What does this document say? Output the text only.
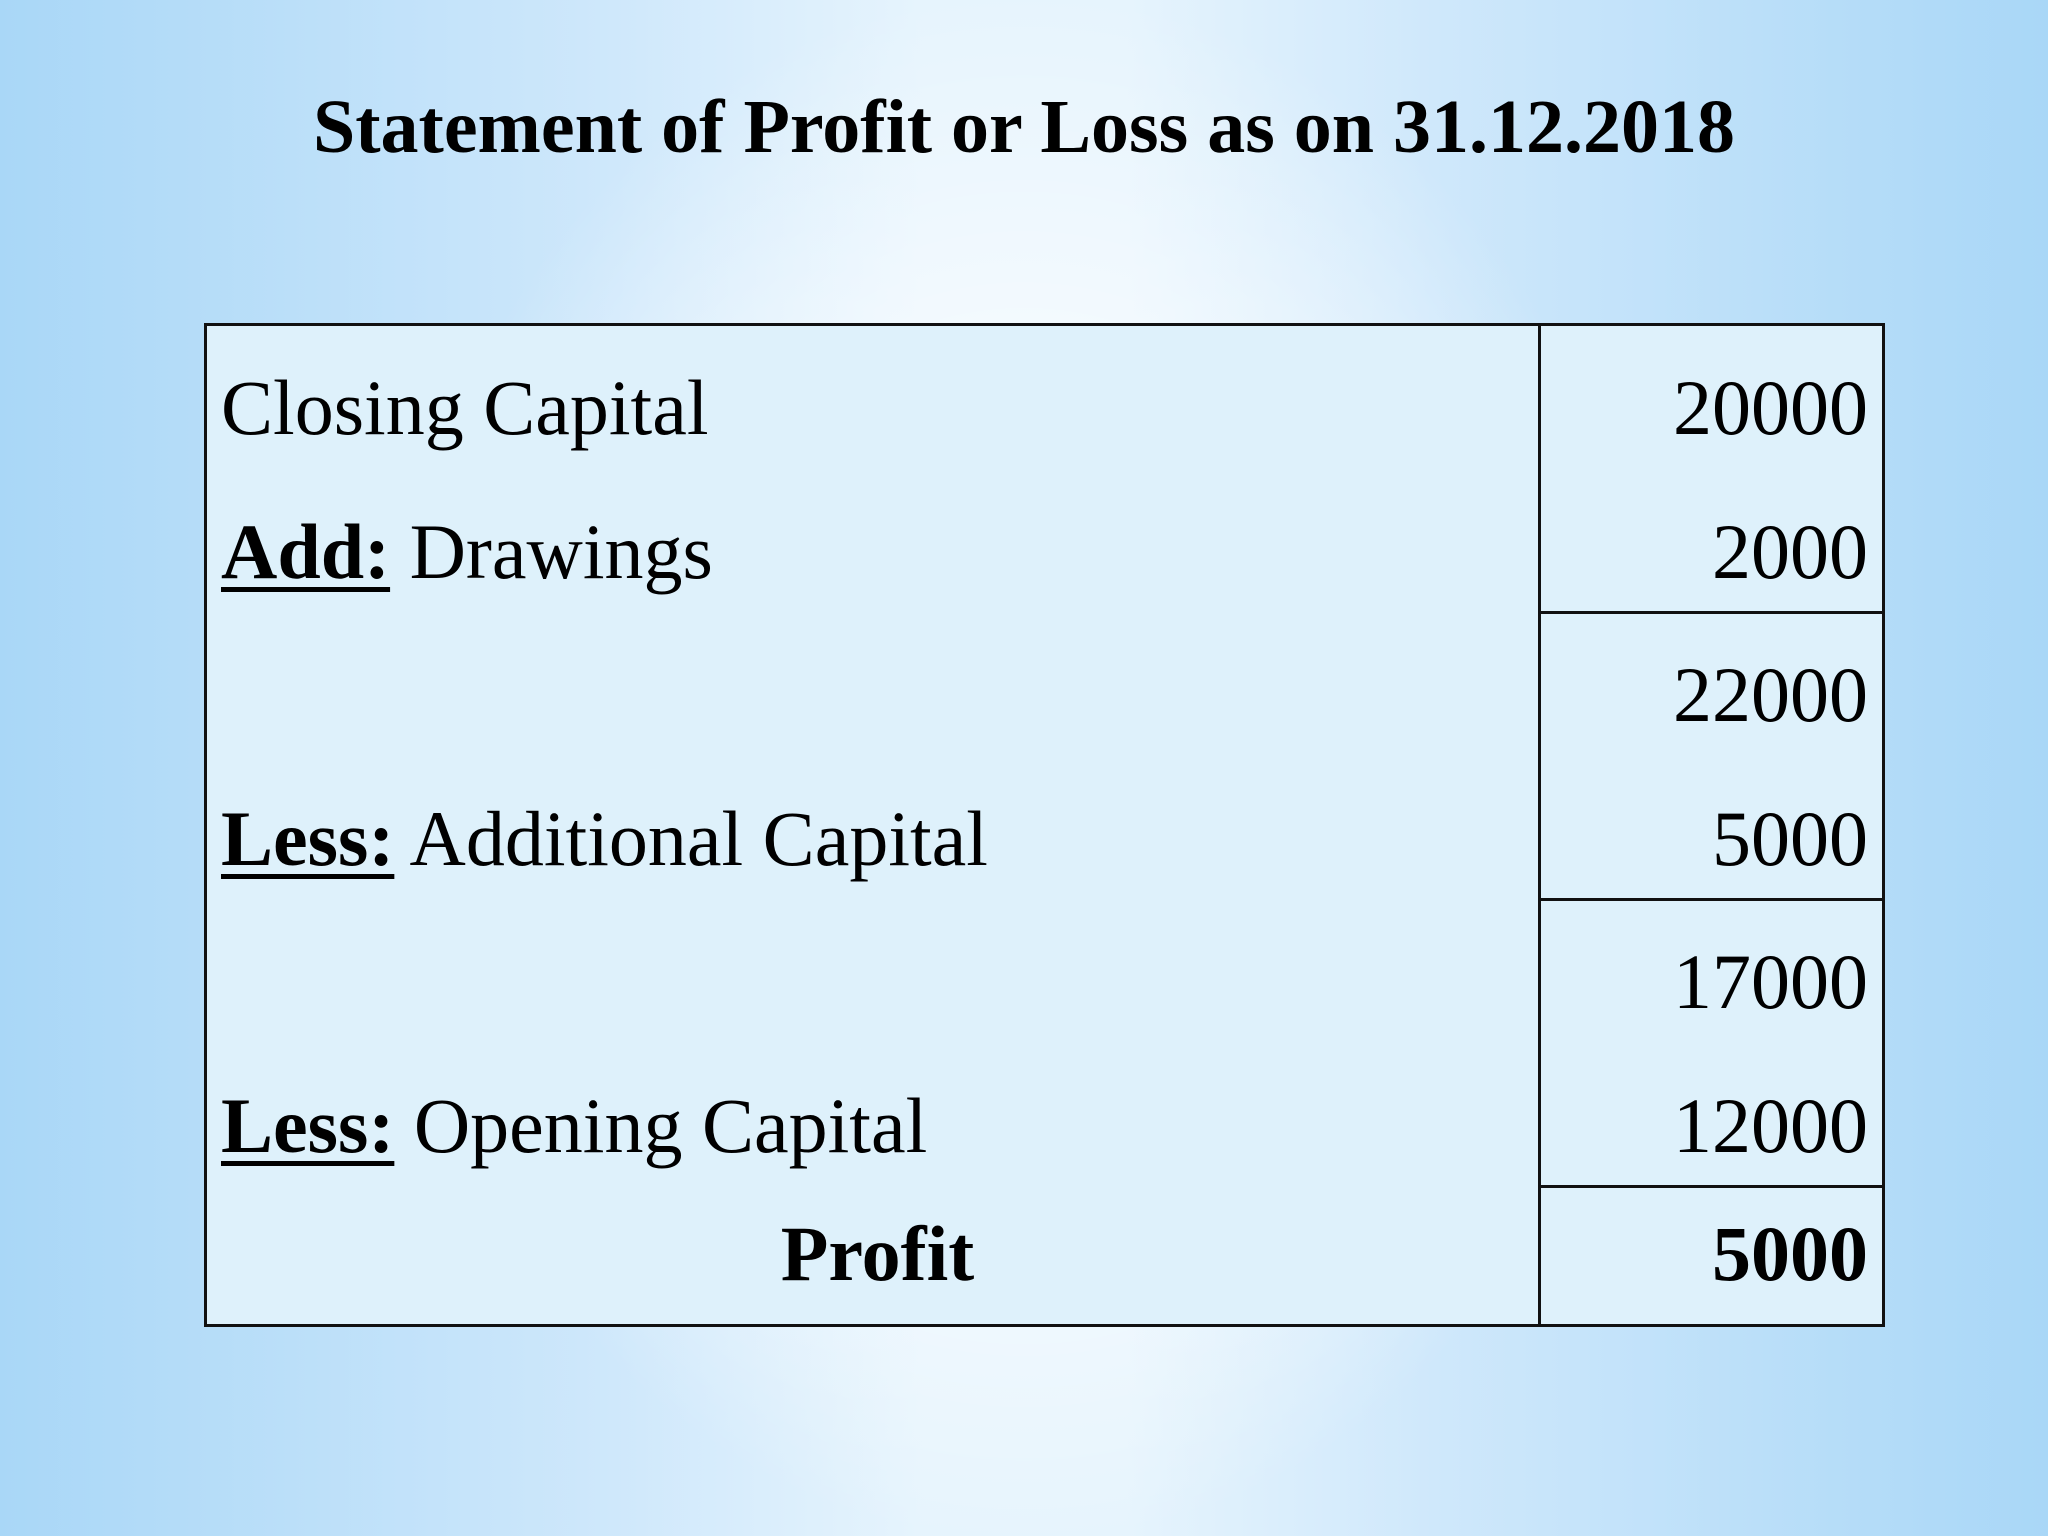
Statement of Profit or Loss as on 31.12.2018
Closing Capital	20000
Add: Drawings	2000
22000
Less: Additional Capital	5000
17000
Less: Opening Capital	12000
Profit	5000
